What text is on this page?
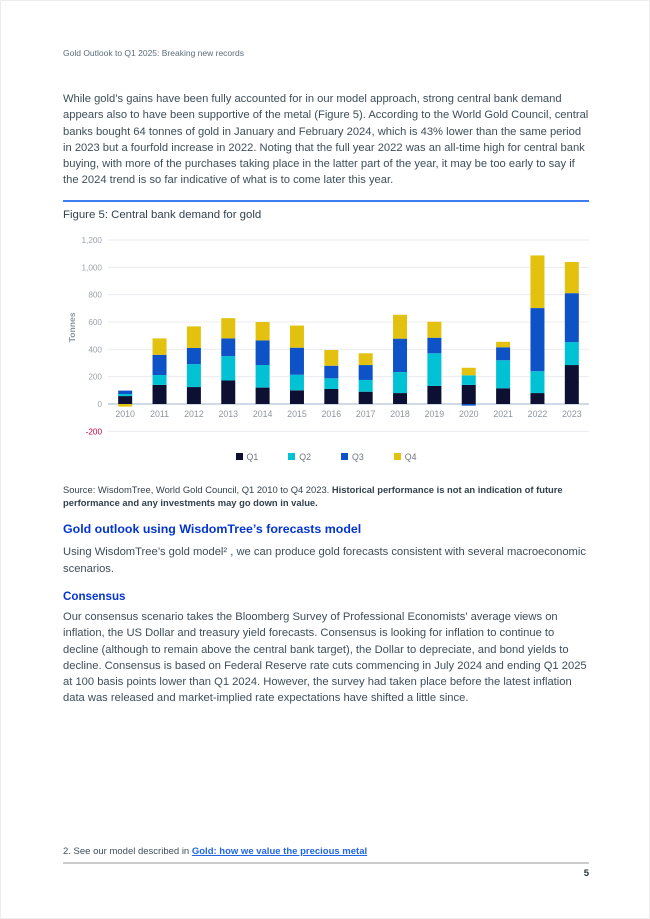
Gold Outlook to Q1 2025: Breaking new records

While gold’s gains have been fully accounted for in our model approach, strong central bank demand appears also to have been supportive of the metal (Figure 5). According to the World Gold Council, central banks bought 64 tonnes of gold in January and February 2024, which is 43% lower than the same period in 2023 but a fourfold increase in 2022. Noting that the full year 2022 was an all-time high for central bank buying, with more of the purchases taking place in the latter part of the year, it may be too early to say if the 2024 trend is so far indicative of what is to come later this year.

Figure 5: Central bank demand for gold
-200
0
200
400
600
800
1,000
1,200
Tonnes
2010 2011 2012 2013 2014 2015 2016 2017 2018 2019 2020 2021 2022 2023
Q1	Q2	Q3	Q4

Source: WisdomTree, World Gold Council, Q1 2010 to Q4 2023. Historical performance is not an indication of future performance and any investments may go down in value.

Gold outlook using WisdomTree’s forecasts model

Using WisdomTree’s gold model² , we can produce gold forecasts consistent with several macroeconomic scenarios.

Consensus

Our consensus scenario takes the Bloomberg Survey of Professional Economists' average views on inflation, the US Dollar and treasury yield forecasts. Consensus is looking for inflation to continue to decline (although to remain above the central bank target), the Dollar to depreciate, and bond yields to decline. Consensus is based on Federal Reserve rate cuts commencing in July 2024 and ending Q1 2025 at 100 basis points lower than Q1 2024. However, the survey had taken place before the latest inflation data was released and market-implied rate expectations have shifted a little since.

2. See our model described in Gold: how we value the precious metal
5
